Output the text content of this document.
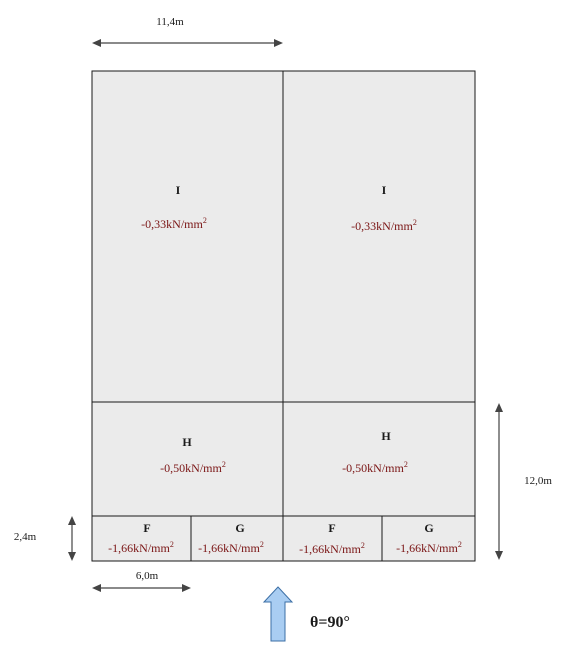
I
$-0,33kN/mm^2$
I
$-0,33kN/mm^2$
H
$-0,50kN/mm^2$
H
$-0,50kN/mm^2$
F
$-1,66kN/mm^2$
G
$-1,66kN/mm^2$
F
$-1,66kN/mm^2$
G
$-1,66kN/mm^2$
11,4m
12,0m
2,4m
6,0m
θ=90°
